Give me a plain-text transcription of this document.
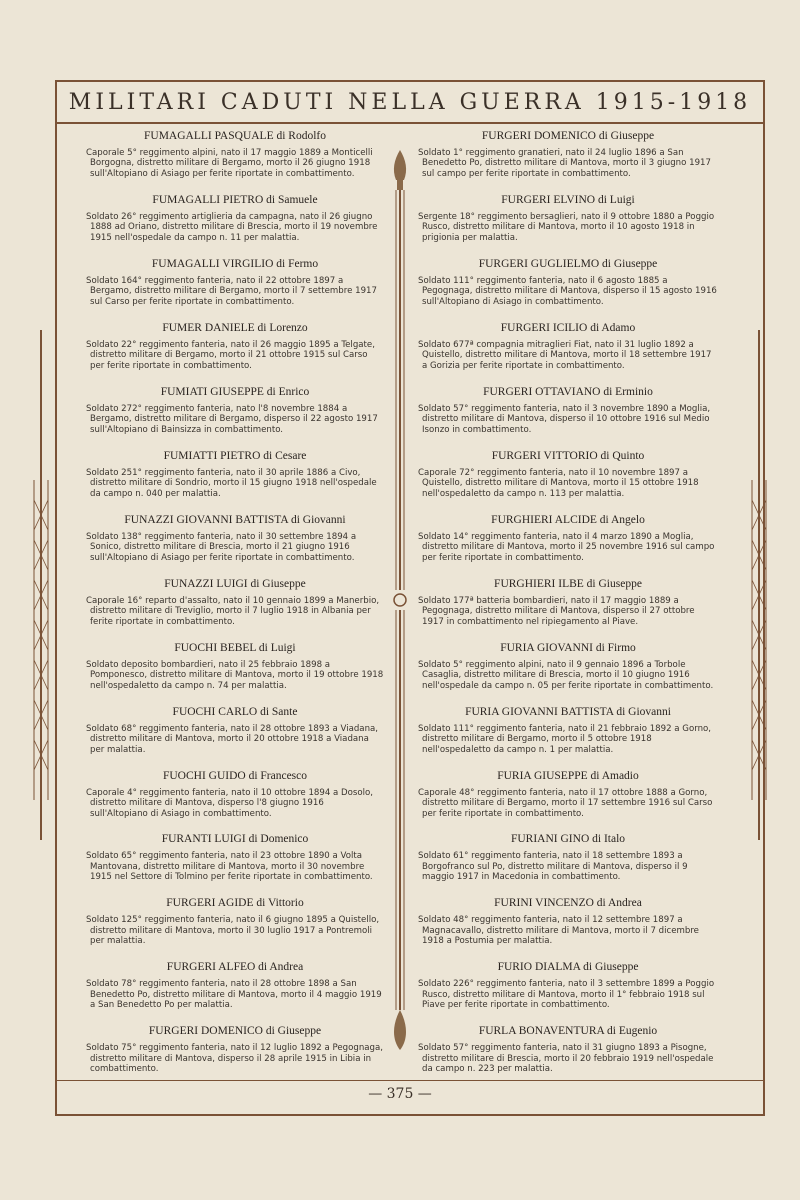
MILITARI CADUTI NELLA GUERRA 1915-1918
FUMAGALLI PASQUALE di Rodolfo
Caporale 5° reggimento alpini, nato il 17 maggio 1889 a Monticelli Borgogna, distretto militare di Bergamo, morto il 26 giugno 1918 sull'Altopiano di Asiago per ferite riportate in combattimento.
FUMAGALLI PIETRO di Samuele
Soldato 26° reggimento artiglieria da campagna, nato il 26 giugno 1888 ad Oriano, distretto militare di Brescia, morto il 19 novembre 1915 nell'ospedale da campo n. 11 per malattia.
FUMAGALLI VIRGILIO di Fermo
Soldato 164° reggimento fanteria, nato il 22 ottobre 1897 a Bergamo, distretto militare di Bergamo, morto il 7 settembre 1917 sul Carso per ferite riportate in combattimento.
FUMER DANIELE di Lorenzo
Soldato 22° reggimento fanteria, nato il 26 maggio 1895 a Telgate, distretto militare di Bergamo, morto il 21 ottobre 1915 sul Carso per ferite riportate in combattimento.
FUMIATI GIUSEPPE di Enrico
Soldato 272° reggimento fanteria, nato l'8 novembre 1884 a Bergamo, distretto militare di Bergamo, disperso il 22 agosto 1917 sull'Altopiano di Bainsizza in combattimento.
FUMIATTI PIETRO di Cesare
Soldato 251° reggimento fanteria, nato il 30 aprile 1886 a Civo, distretto militare di Sondrio, morto il 15 giugno 1918 nell'ospedale da campo n. 040 per malattia.
FUNAZZI GIOVANNI BATTISTA di Giovanni
Soldato 138° reggimento fanteria, nato il 30 settembre 1894 a Sonico, distretto militare di Brescia, morto il 21 giugno 1916 sull'Altopiano di Asiago per ferite riportate in combattimento.
FUNAZZI LUIGI di Giuseppe
Caporale 16° reparto d'assalto, nato il 10 gennaio 1899 a Manerbio, distretto militare di Treviglio, morto il 7 luglio 1918 in Albania per ferite riportate in combattimento.
FUOCHI BEBEL di Luigi
Soldato deposito bombardieri, nato il 25 febbraio 1898 a Pomponesco, distretto militare di Mantova, morto il 19 ottobre 1918 nell'ospedaletto da campo n. 74 per malattia.
FUOCHI CARLO di Sante
Soldato 68° reggimento fanteria, nato il 28 ottobre 1893 a Viadana, distretto militare di Mantova, morto il 20 ottobre 1918 a Viadana per malattia.
FUOCHI GUIDO di Francesco
Caporale 4° reggimento fanteria, nato il 10 ottobre 1894 a Dosolo, distretto militare di Mantova, disperso l'8 giugno 1916 sull'Altopiano di Asiago in combattimento.
FURANTI LUIGI di Domenico
Soldato 65° reggimento fanteria, nato il 23 ottobre 1890 a Volta Mantovana, distretto militare di Mantova, morto il 30 novembre 1915 nel Settore di Tolmino per ferite riportate in combattimento.
FURGERI AGIDE di Vittorio
Soldato 125° reggimento fanteria, nato il 6 giugno 1895 a Quistello, distretto militare di Mantova, morto il 30 luglio 1917 a Pontremoli per malattia.
FURGERI ALFEO di Andrea
Soldato 78° reggimento fanteria, nato il 28 ottobre 1898 a San Benedetto Po, distretto militare di Mantova, morto il 4 maggio 1919 a San Benedetto Po per malattia.
FURGERI DOMENICO di Giuseppe
Soldato 75° reggimento fanteria, nato il 12 luglio 1892 a Pegognaga, distretto militare di Mantova, disperso il 28 aprile 1915 in Libia in combattimento.
FURGERI DOMENICO di Giuseppe
Soldato 1° reggimento granatieri, nato il 24 luglio 1896 a San Benedetto Po, distretto militare di Mantova, morto il 3 giugno 1917 sul campo per ferite riportate in combattimento.
FURGERI ELVINO di Luigi
Sergente 18° reggimento bersaglieri, nato il 9 ottobre 1880 a Poggio Rusco, distretto militare di Mantova, morto il 10 agosto 1918 in prigionia per malattia.
FURGERI GUGLIELMO di Giuseppe
Soldato 111° reggimento fanteria, nato il 6 agosto 1885 a Pegognaga, distretto militare di Mantova, disperso il 15 agosto 1916 sull'Altopiano di Asiago in combattimento.
FURGERI ICILIO di Adamo
Soldato 677ª compagnia mitraglieri Fiat, nato il 31 luglio 1892 a Quistello, distretto militare di Mantova, morto il 18 settembre 1917 a Gorizia per ferite riportate in combattimento.
FURGERI OTTAVIANO di Erminio
Soldato 57° reggimento fanteria, nato il 3 novembre 1890 a Moglia, distretto militare di Mantova, disperso il 10 ottobre 1916 sul Medio Isonzo in combattimento.
FURGERI VITTORIO di Quinto
Caporale 72° reggimento fanteria, nato il 10 novembre 1897 a Quistello, distretto militare di Mantova, morto il 15 ottobre 1918 nell'ospedaletto da campo n. 113 per malattia.
FURGHIERI ALCIDE di Angelo
Soldato 14° reggimento fanteria, nato il 4 marzo 1890 a Moglia, distretto militare di Mantova, morto il 25 novembre 1916 sul campo per ferite riportate in combattimento.
FURGHIERI ILBE di Giuseppe
Soldato 177ª batteria bombardieri, nato il 17 maggio 1889 a Pegognaga, distretto militare di Mantova, disperso il 27 ottobre 1917 in combattimento nel ripiegamento al Piave.
FURIA GIOVANNI di Firmo
Soldato 5° reggimento alpini, nato il 9 gennaio 1896 a Torbole Casaglia, distretto militare di Brescia, morto il 10 giugno 1916 nell'ospedale da campo n. 05 per ferite riportate in combattimento.
FURIA GIOVANNI BATTISTA di Giovanni
Soldato 111° reggimento fanteria, nato il 21 febbraio 1892 a Gorno, distretto militare di Bergamo, morto il 5 ottobre 1918 nell'ospedaletto da campo n. 1 per malattia.
FURIA GIUSEPPE di Amadio
Caporale 48° reggimento fanteria, nato il 17 ottobre 1888 a Gorno, distretto militare di Bergamo, morto il 17 settembre 1916 sul Carso per ferite riportate in combattimento.
FURIANI GINO di Italo
Soldato 61° reggimento fanteria, nato il 18 settembre 1893 a Borgofranco sul Po, distretto militare di Mantova, disperso il 9 maggio 1917 in Macedonia in combattimento.
FURINI VINCENZO di Andrea
Soldato 48° reggimento fanteria, nato il 12 settembre 1897 a Magnacavallo, distretto militare di Mantova, morto il 7 dicembre 1918 a Postumia per malattia.
FURIO DIALMA di Giuseppe
Soldato 226° reggimento fanteria, nato il 3 settembre 1899 a Poggio Rusco, distretto militare di Mantova, morto il 1° febbraio 1918 sul Piave per ferite riportate in combattimento.
FURLA BONAVENTURA di Eugenio
Soldato 57° reggimento fanteria, nato il 31 giugno 1893 a Pisogne, distretto militare di Brescia, morto il 20 febbraio 1919 nell'ospedale da campo n. 223 per malattia.
— 375 —
